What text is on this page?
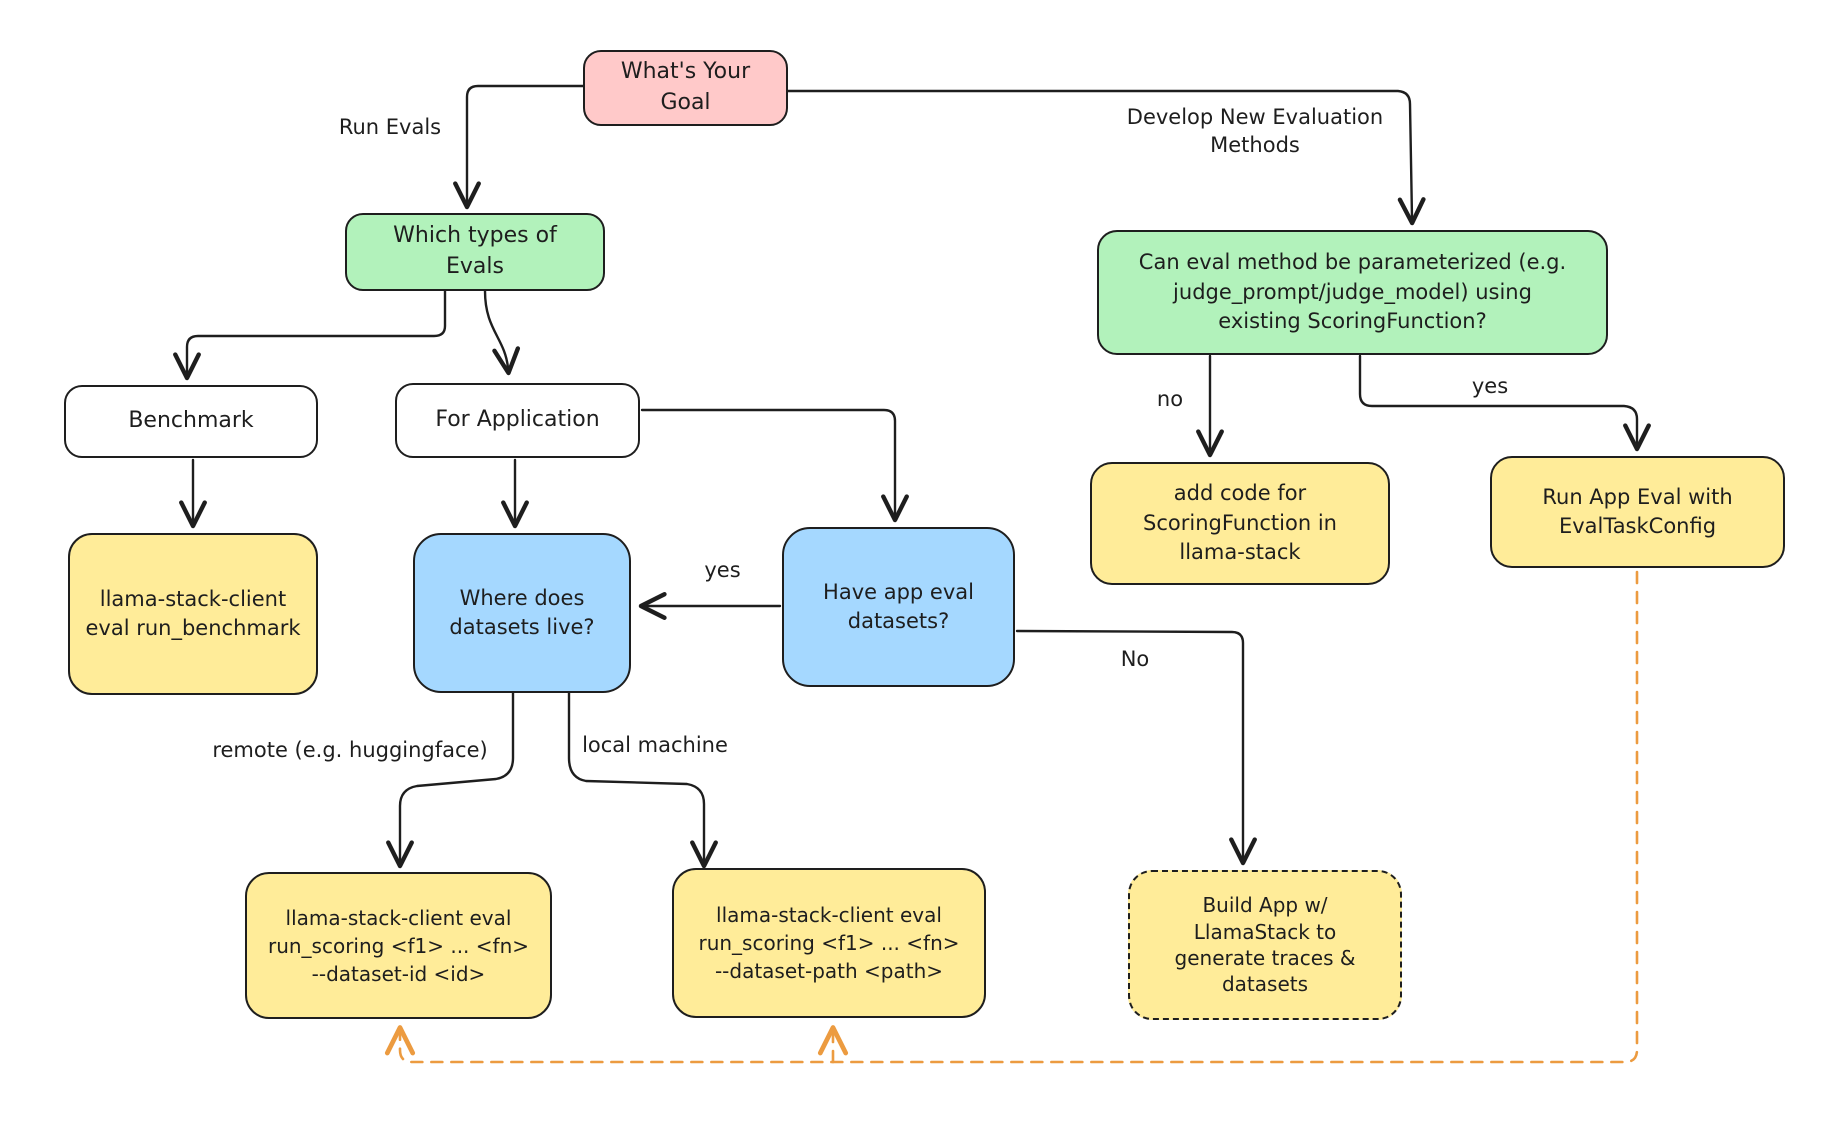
What's Your
Goal
Which types of
Evals
Benchmark	For Application
llama-stack-client
eval run_benchmark
Where does
datasets live?
Have app eval
datasets?
Can eval method be parameterized (e.g.
judge_prompt/judge_model) using
existing ScoringFunction?
add code for
ScoringFunction in
llama-stack
Run App Eval with
EvalTaskConfig
llama-stack-client eval
run_scoring <f1> ... <fn>
--dataset-id <id>
llama-stack-client eval
run_scoring <f1> ... <fn>
--dataset-path <path>
Build App w/
LlamaStack to
generate traces &
datasets
Run Evals	Develop New Evaluation
Methods
no
yes
yes
No
remote (e.g. huggingface)	local machine
